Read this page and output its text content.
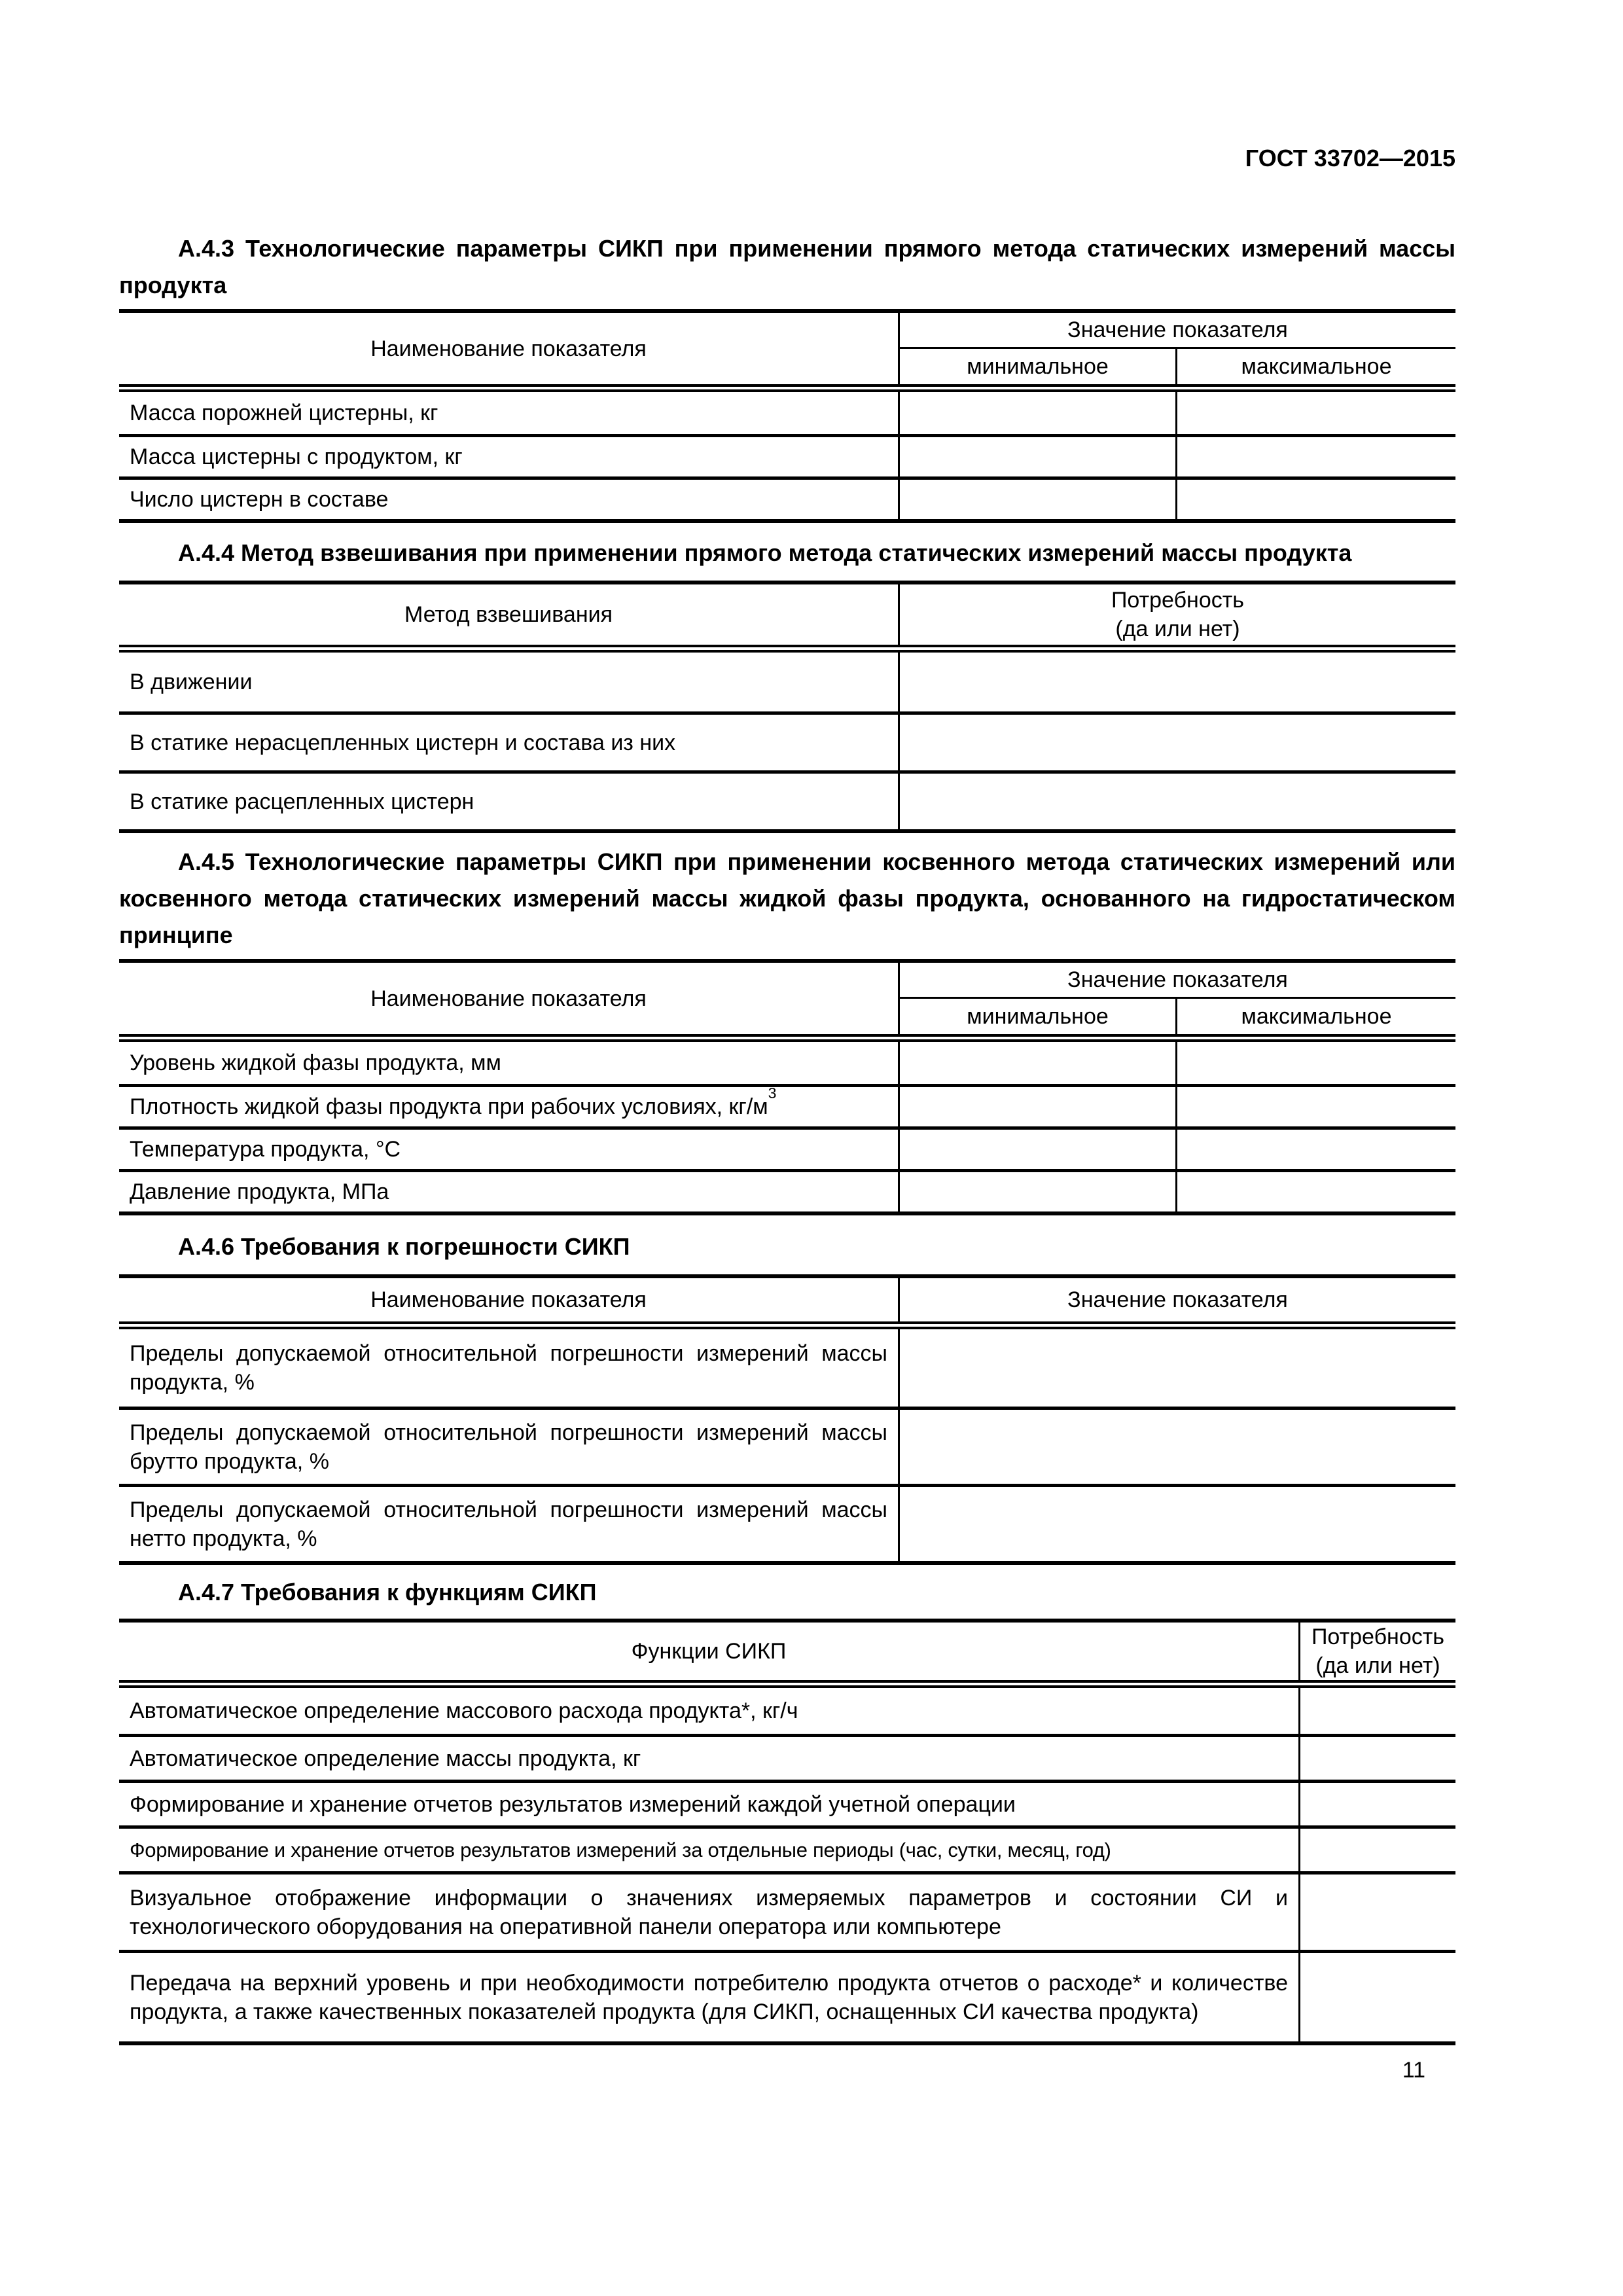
ГОСТ 33702—2015

А.4.3 Технологические параметры СИКП при применении прямого метода статических измерений массы продукта

Наименование показателя
Значение показателя
минимальное	максимальное
Масса порожней цистерны, кг
Масса цистерны с продуктом, кг
Число цистерн в составе

А.4.4 Метод взвешивания при применении прямого метода статических измерений массы продукта

Метод взвешивания
Потребность
(да или нет)
В движении
В статике нерасцепленных цистерн и состава из них
В статике расцепленных цистерн

А.4.5 Технологические параметры СИКП при применении косвенного метода статических измерений или косвенного метода статических измерений массы жидкой фазы продукта, основанного на гидростатическом принципе

Наименование показателя
Значение показателя
минимальное	максимальное
Уровень жидкой фазы продукта, мм
Плотность жидкой фазы продукта при рабочих условиях, $кг/м^3$
Температура продукта, °С
Давление продукта, МПа

А.4.6 Требования к погрешности СИКП

Наименование показателя	Значение показателя
Пределы допускаемой относительной погрешности измерений массы продукта, %
Пределы допускаемой относительной погрешности измерений массы брутто продукта, %
Пределы допускаемой относительной погрешности измерений массы нетто продукта, %

А.4.7 Требования к функциям СИКП

Функции СИКП
Потребность
(да или нет)
Автоматическое определение массового расхода продукта*, кг/ч
Автоматическое определение массы продукта, кг
Формирование и хранение отчетов результатов измерений каждой учетной операции
Формирование и хранение отчетов результатов измерений за отдельные периоды (час, сутки, месяц, год)
Визуальное отображение информации о значениях измеряемых параметров и состоянии СИ и технологического оборудования на оперативной панели оператора или компьютере
Передача на верхний уровень и при необходимости потребителю продукта отчетов о расходе* и количестве продукта, а также качественных показателей продукта (для СИКП, оснащенных СИ качества продукта)
11
